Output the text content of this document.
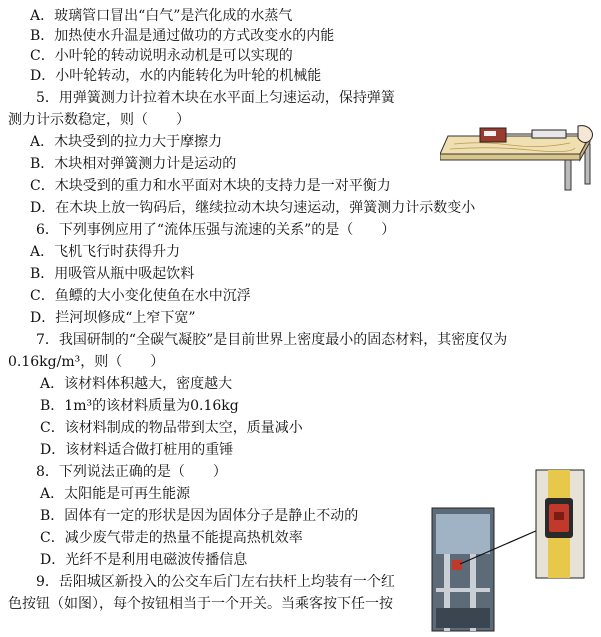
A．玻璃管口冒出“白气”是汽化成的水蒸气
B．加热使水升温是通过做功的方式改变水的内能
C．小叶轮的转动说明永动机是可以实现的
D．小叶轮转动，水的内能转化为叶轮的机械能
5．用弹簧测力计拉着木块在水平面上匀速运动，保持弹簧
测力计示数稳定，则（　　）
A．木块受到的拉力大于摩擦力
B．木块相对弹簧测力计是运动的
C．木块受到的重力和水平面对木块的支持力是一对平衡力
D．在木块上放一钩码后，继续拉动木块匀速运动，弹簧测力计示数变小
6．下列事例应用了“流体压强与流速的关系”的是（　　）
A．飞机飞行时获得升力
B．用吸管从瓶中吸起饮料
C．鱼鳔的大小变化使鱼在水中沉浮
D．拦河坝修成“上窄下宽”
7．我国研制的“全碳气凝胶”是目前世界上密度最小的固态材料，其密度仅为
0.16kg/m³，则（　　）
A．该材料体积越大，密度越大
B．1m³的该材料质量为0.16kg
C．该材料制成的物品带到太空，质量减小
D．该材料适合做打桩用的重锤
8．下列说法正确的是（　　）
A．太阳能是可再生能源
B．固体有一定的形状是因为固体分子是静止不动的
C．减少废气带走的热量不能提高热机效率
D．光纤不是利用电磁波传播信息
9．岳阳城区新投入的公交车后门左右扶杆上均装有一个红
色按钮（如图），每个按钮相当于一个开关。当乘客按下任一按
